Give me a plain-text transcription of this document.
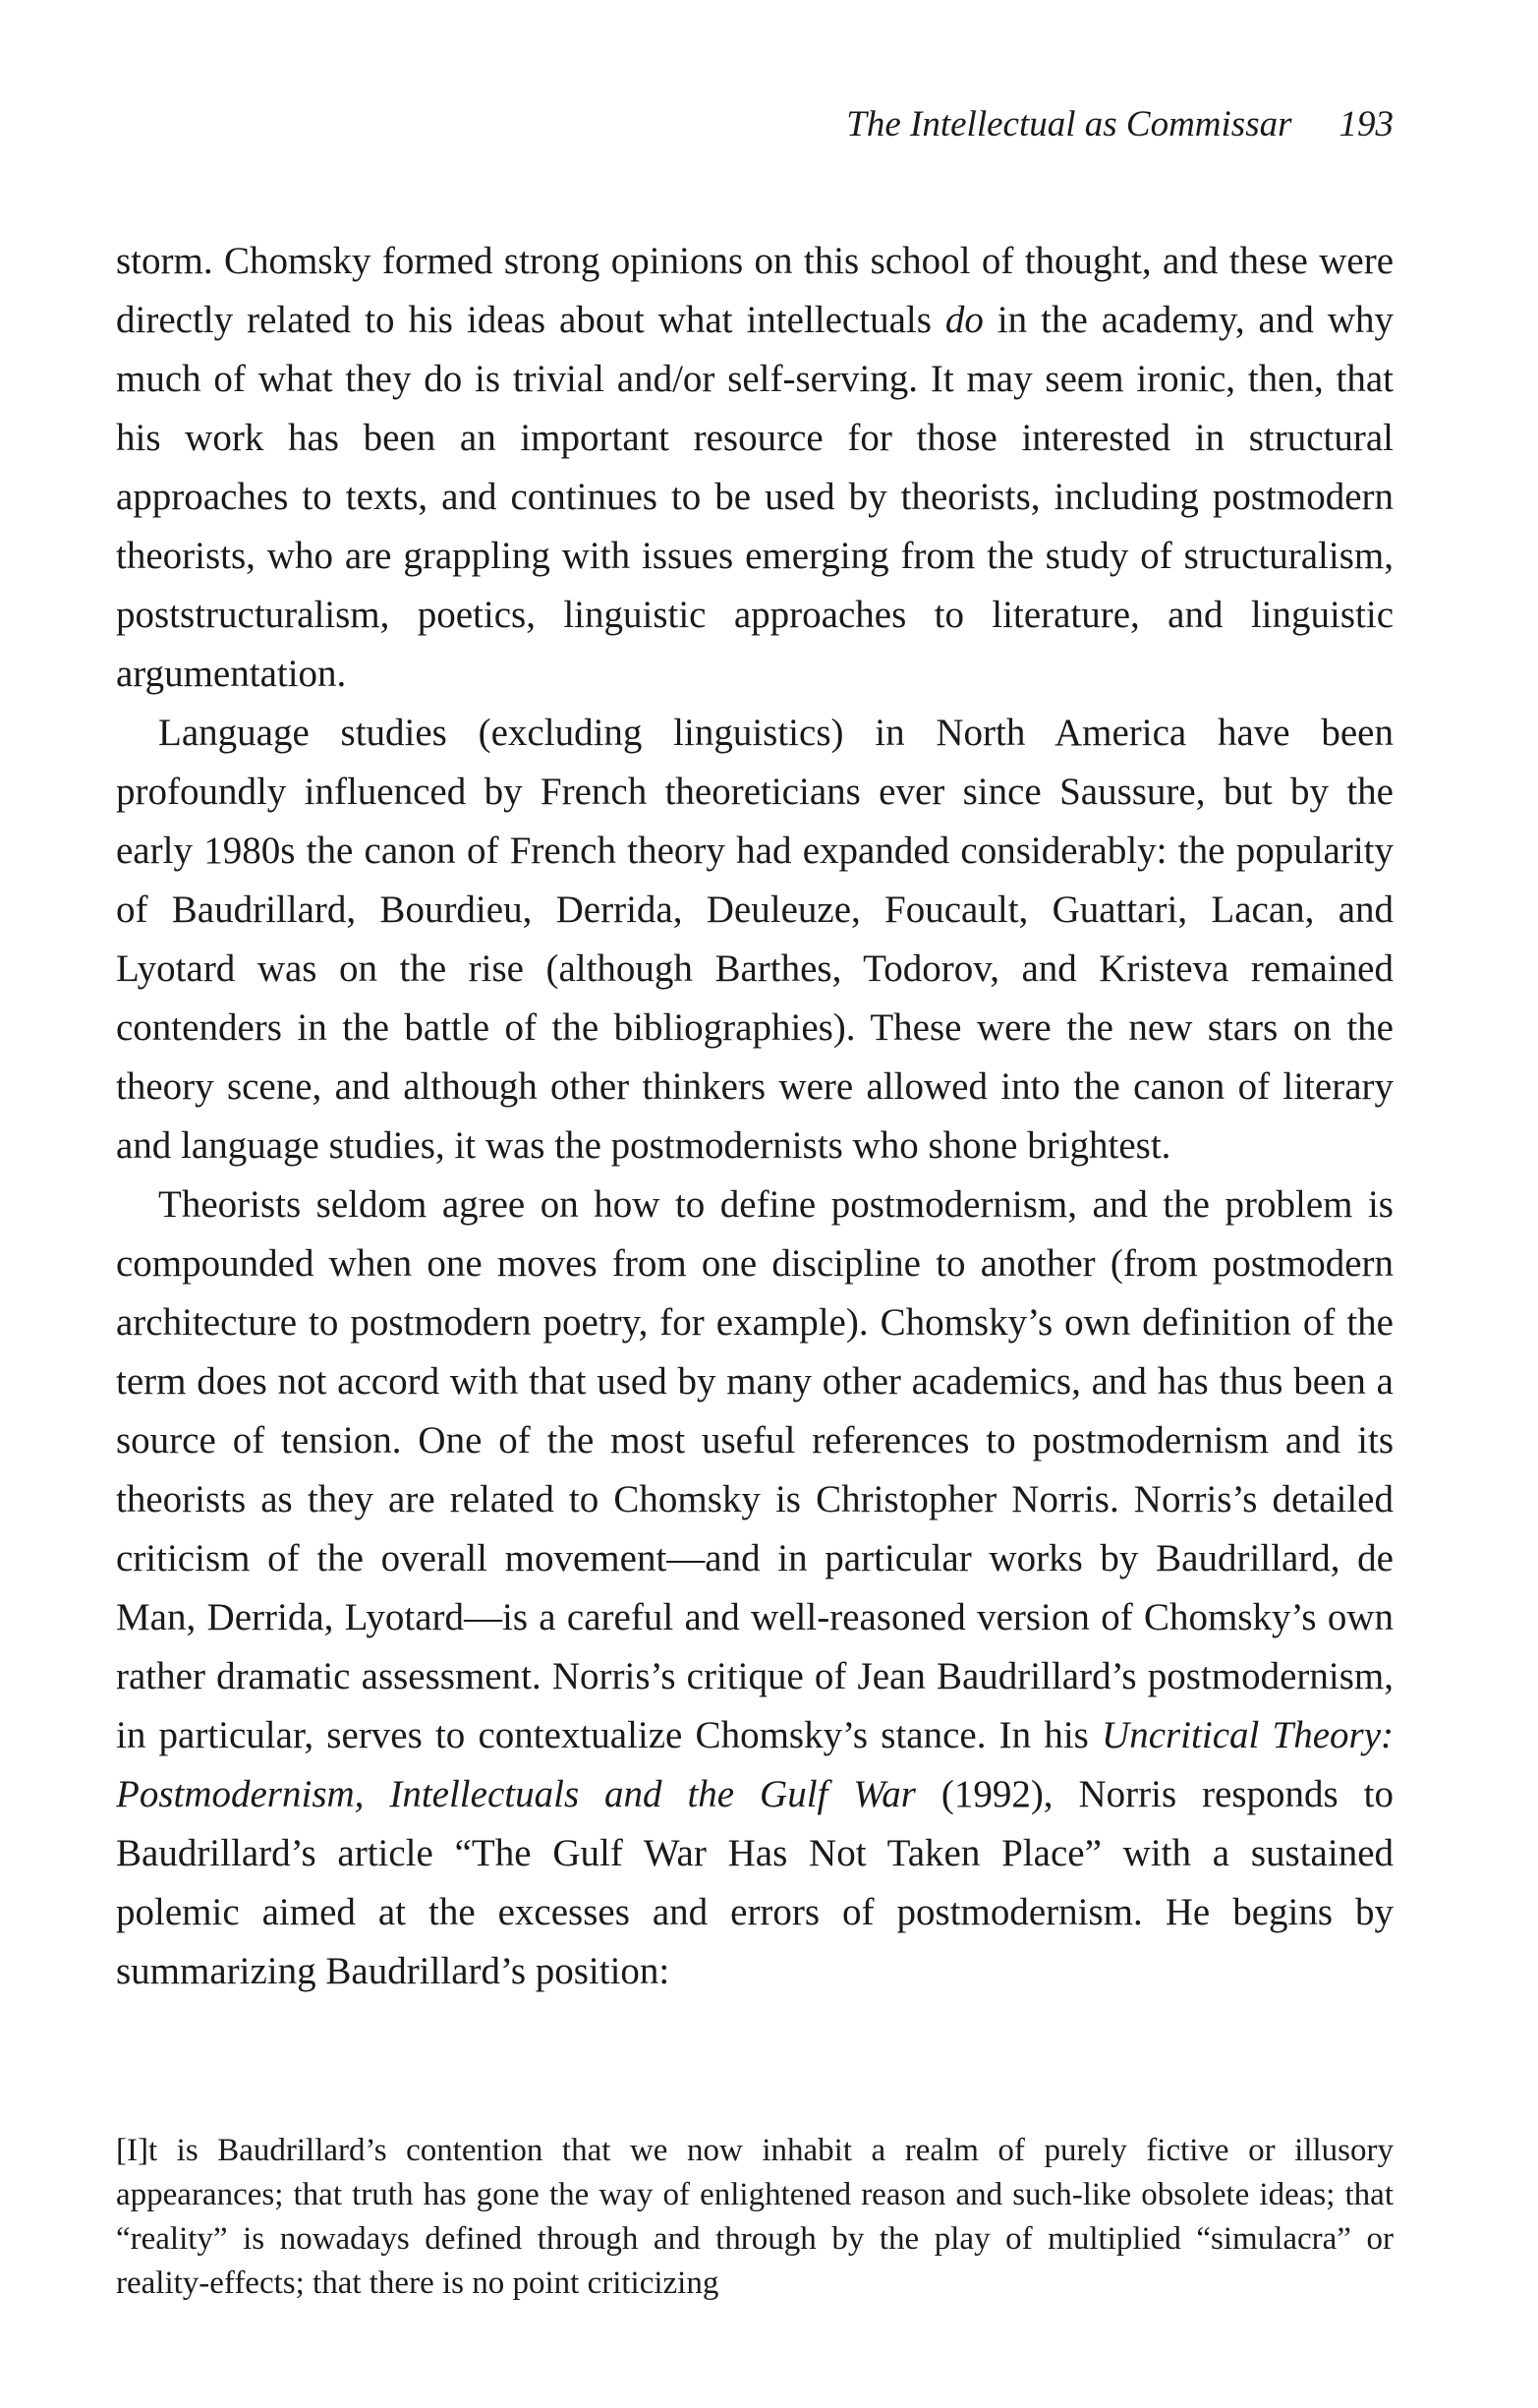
The Intellectual as Commissar 193

storm. Chomsky formed strong opinions on this school of thought, and these were directly related to his ideas about what intellectuals do in the academy, and why much of what they do is trivial and/or self-serving. It may seem ironic, then, that his work has been an important resource for those interested in structural approaches to texts, and continues to be used by theorists, including postmodern theorists, who are grappling with issues emerging from the study of structuralism, poststructuralism, poetics, linguistic approaches to literature, and linguistic argumentation.

Language studies (excluding linguistics) in North America have been profoundly influenced by French theoreticians ever since Saussure, but by the early 1980s the canon of French theory had expanded considerably: the popularity of Baudrillard, Bourdieu, Derrida, Deuleuze, Foucault, Guattari, Lacan, and Lyotard was on the rise (although Barthes, Todorov, and Kristeva remained contenders in the battle of the bibliographies). These were the new stars on the theory scene, and although other thinkers were allowed into the canon of literary and language studies, it was the postmodernists who shone brightest.

Theorists seldom agree on how to define postmodernism, and the problem is compounded when one moves from one discipline to another (from postmodern architecture to postmodern poetry, for example). Chomsky’s own definition of the term does not accord with that used by many other academics, and has thus been a source of tension. One of the most useful references to postmodernism and its theorists as they are related to Chomsky is Christopher Norris. Norris’s detailed criticism of the overall movement—and in particular works by Baudrillard, de Man, Derrida, Lyotard—is a careful and well-reasoned version of Chomsky’s own rather dramatic assessment. Norris’s critique of Jean Baudrillard’s postmodernism, in particular, serves to contextualize Chomsky’s stance. In his Uncritical Theory: Postmodernism, Intellectuals and the Gulf War (1992), Norris responds to Baudrillard’s article “The Gulf War Has Not Taken Place” with a sustained polemic aimed at the excesses and errors of postmodernism. He begins by summarizing Baudrillard’s position:

[I]t is Baudrillard’s contention that we now inhabit a realm of purely fictive or illusory appearances; that truth has gone the way of enlightened reason and such-like obsolete ideas; that “reality” is nowadays defined through and through by the play of multiplied “simulacra” or reality-effects; that there is no point criticizing
